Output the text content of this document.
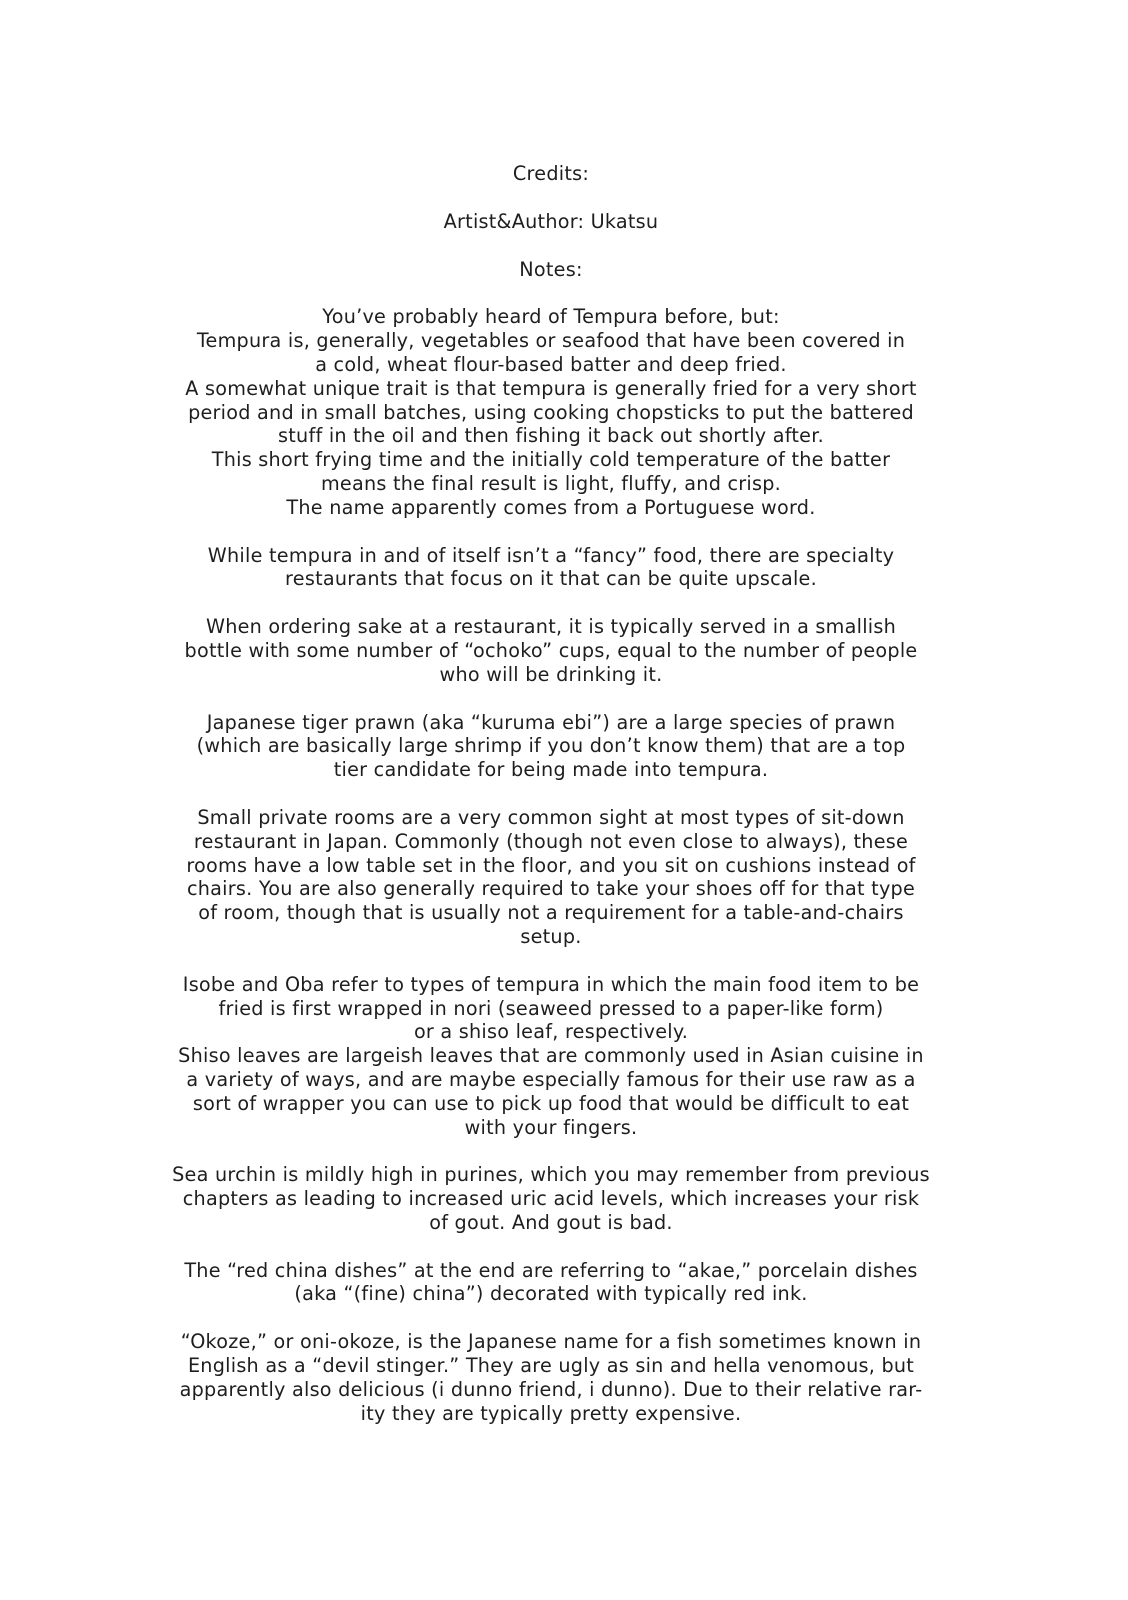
Credits:
Artist&Author: Ukatsu
Notes:
You’ve probably heard of Tempura before, but:
Tempura is, generally, vegetables or seafood that have been covered in
a cold, wheat flour-based batter and deep fried.
A somewhat unique trait is that tempura is generally fried for a very short
period and in small batches, using cooking chopsticks to put the battered
stuff in the oil and then fishing it back out shortly after.
This short frying time and the initially cold temperature of the batter
means the final result is light, fluffy, and crisp.
The name apparently comes from a Portuguese word.
While tempura in and of itself isn’t a “fancy” food, there are specialty
restaurants that focus on it that can be quite upscale.
When ordering sake at a restaurant, it is typically served in a smallish
bottle with some number of “ochoko” cups, equal to the number of people
who will be drinking it.
Japanese tiger prawn (aka “kuruma ebi”) are a large species of prawn
(which are basically large shrimp if you don’t know them) that are a top
tier candidate for being made into tempura.
Small private rooms are a very common sight at most types of sit-down
restaurant in Japan. Commonly (though not even close to always), these
rooms have a low table set in the floor, and you sit on cushions instead of
chairs. You are also generally required to take your shoes off for that type
of room, though that is usually not a requirement for a table-and-chairs
setup.
Isobe and Oba refer to types of tempura in which the main food item to be
fried is first wrapped in nori (seaweed pressed to a paper-like form)
or a shiso leaf, respectively.
Shiso leaves are largeish leaves that are commonly used in Asian cuisine in
a variety of ways, and are maybe especially famous for their use raw as a
sort of wrapper you can use to pick up food that would be difficult to eat
with your fingers.
Sea urchin is mildly high in purines, which you may remember from previous
chapters as leading to increased uric acid levels, which increases your risk
of gout. And gout is bad.
The “red china dishes” at the end are referring to “akae,” porcelain dishes
(aka “(fine) china”) decorated with typically red ink.
“Okoze,” or oni-okoze, is the Japanese name for a fish sometimes known in
English as a “devil stinger.” They are ugly as sin and hella venomous, but
apparently also delicious (i dunno friend, i dunno). Due to their relative rar-
ity they are typically pretty expensive.
